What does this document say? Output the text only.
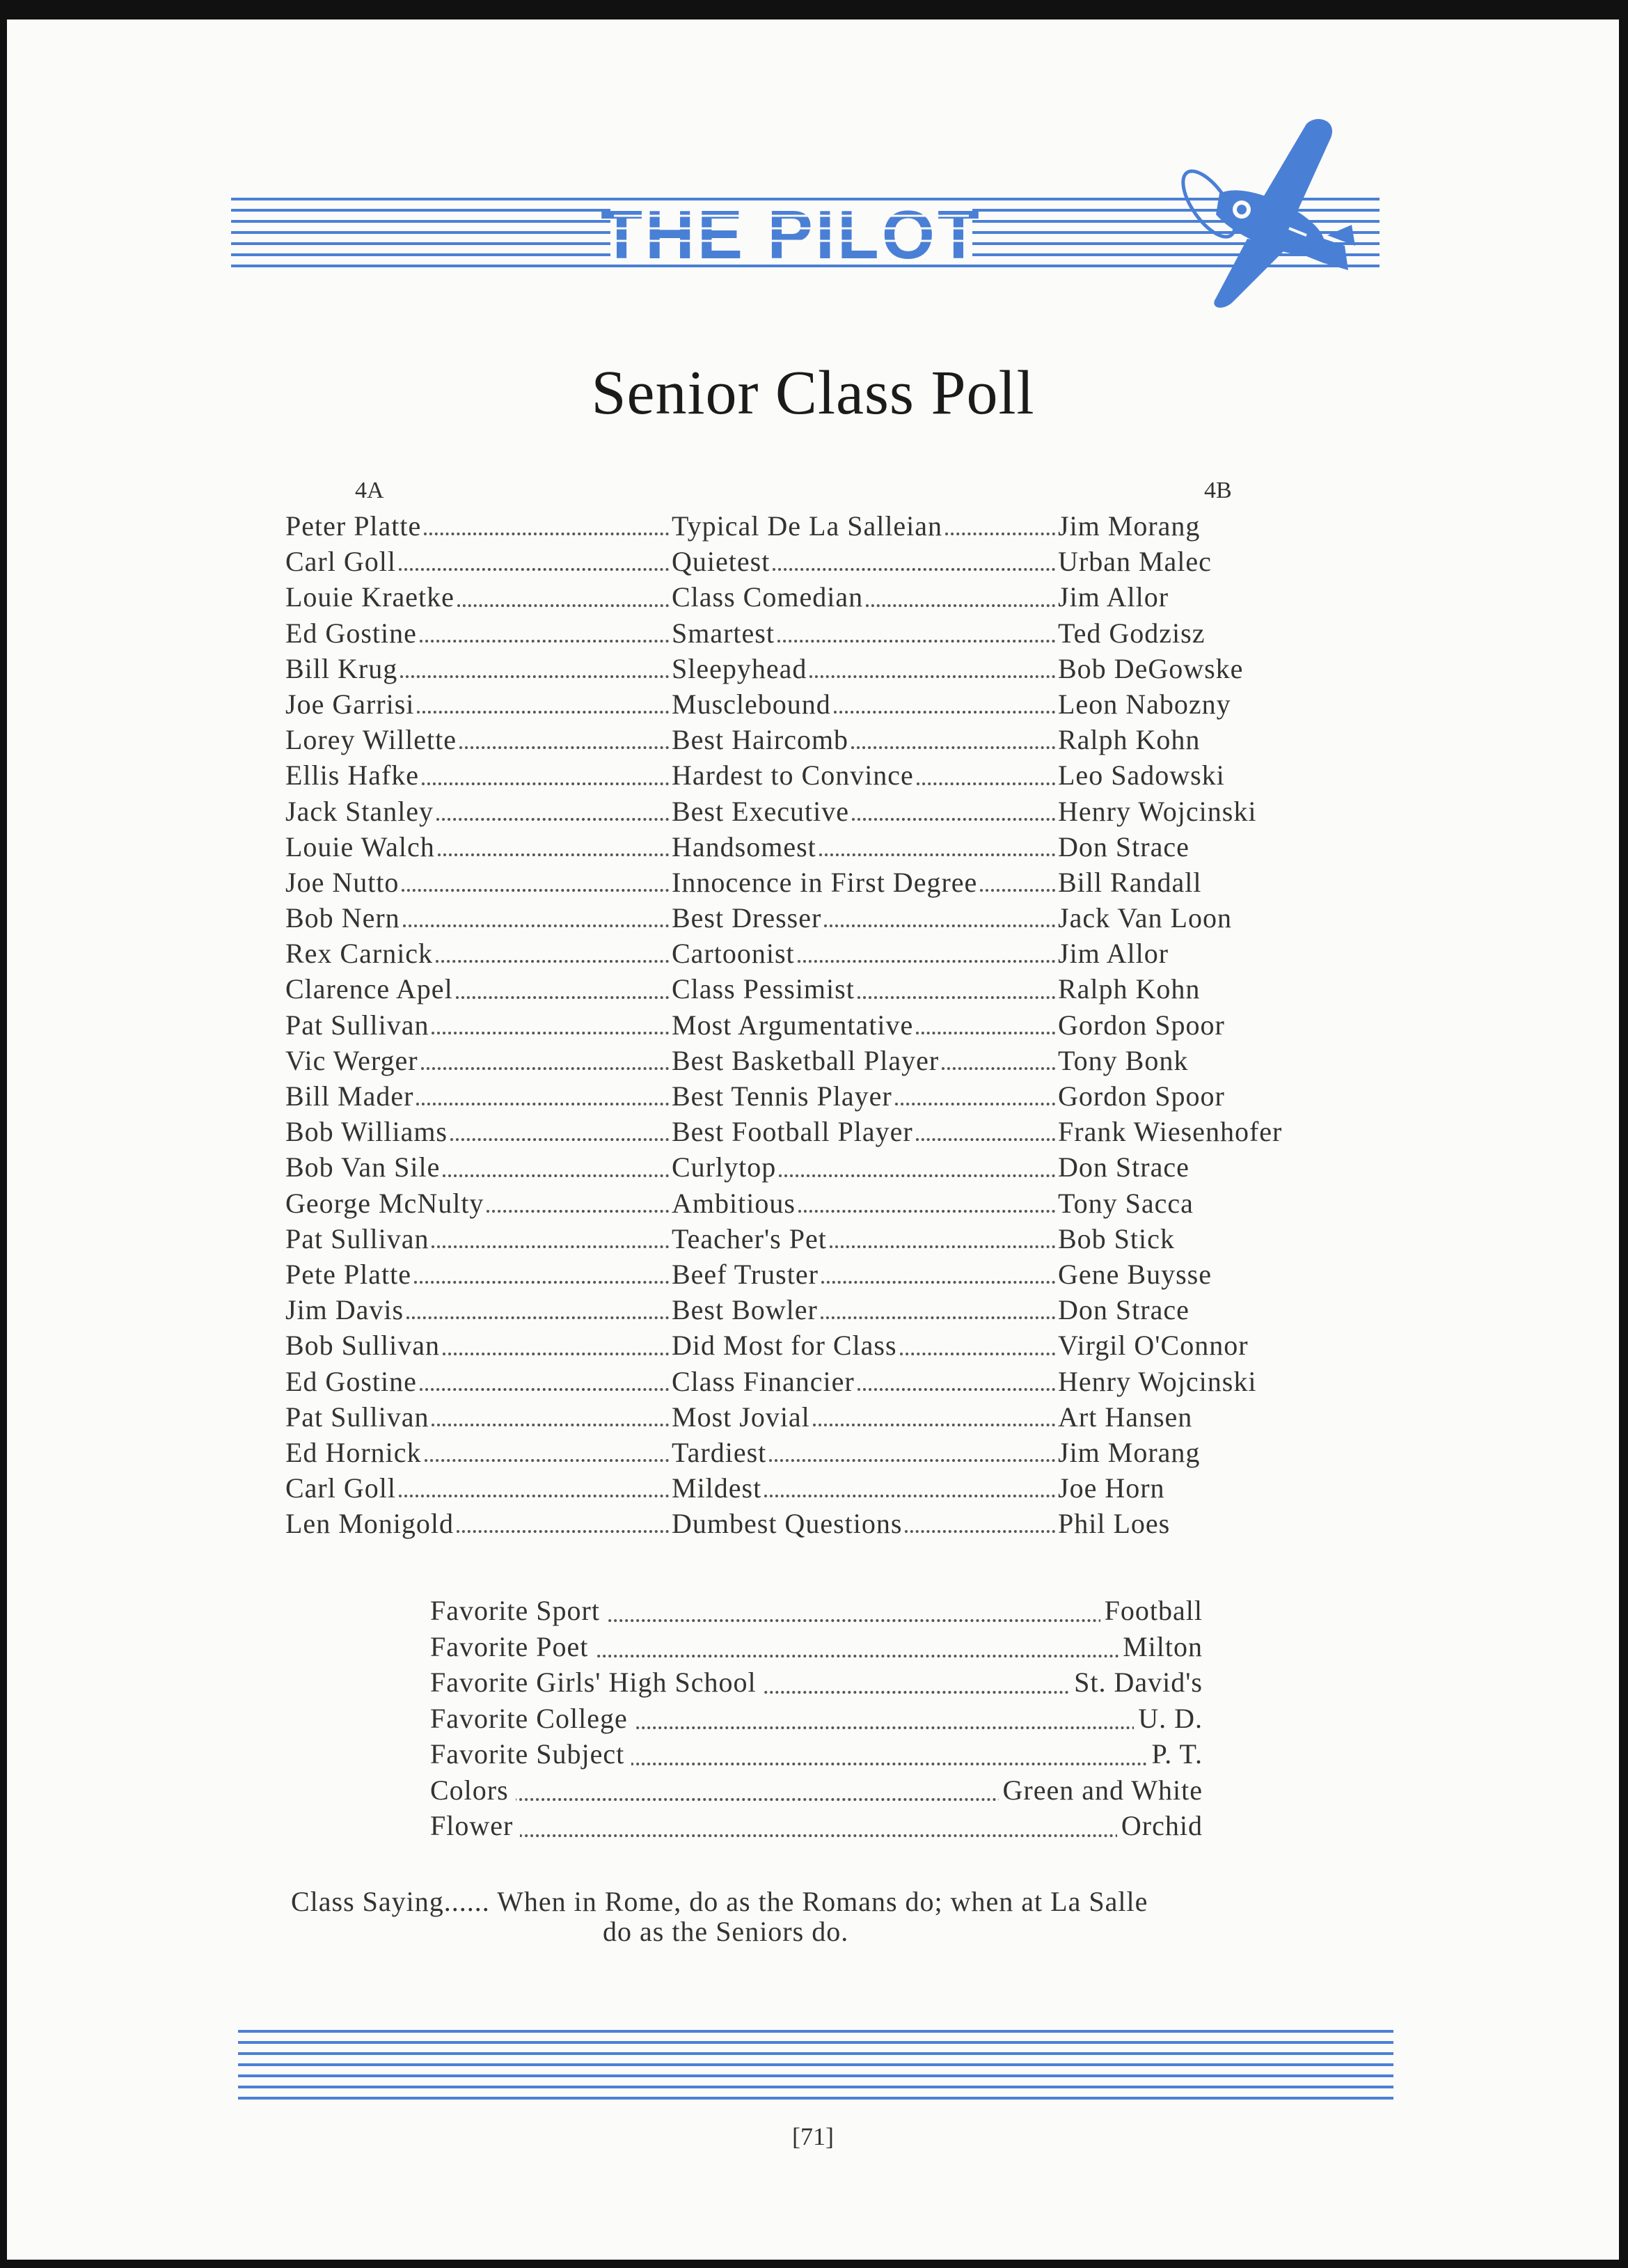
THE PILOT
Senior Class Poll
4A	4B
Peter Platte	Typical De La Salleian	Jim Morang
Carl Goll	Quietest	Urban Malec
Louie Kraetke	Class Comedian	Jim Allor
Ed Gostine	Smartest	Ted Godzisz
Bill Krug	Sleepyhead	Bob DeGowske
Joe Garrisi	Musclebound	Leon Nabozny
Lorey Willette	Best Haircomb	Ralph Kohn
Ellis Hafke	Hardest to Convince	Leo Sadowski
Jack Stanley	Best Executive	Henry Wojcinski
Louie Walch	Handsomest	Don Strace
Joe Nutto	Innocence in First Degree	Bill Randall
Bob Nern	Best Dresser	Jack Van Loon
Rex Carnick	Cartoonist	Jim Allor
Clarence Apel	Class Pessimist	Ralph Kohn
Pat Sullivan	Most Argumentative	Gordon Spoor
Vic Werger	Best Basketball Player	Tony Bonk
Bill Mader	Best Tennis Player	Gordon Spoor
Bob Williams	Best Football Player	Frank Wiesenhofer
Bob Van Sile	Curlytop	Don Strace
George McNulty	Ambitious	Tony Sacca
Pat Sullivan	Teacher's Pet	Bob Stick
Pete Platte	Beef Truster	Gene Buysse
Jim Davis	Best Bowler	Don Strace
Bob Sullivan	Did Most for Class	Virgil O'Connor
Ed Gostine	Class Financier	Henry Wojcinski
Pat Sullivan	Most Jovial	Art Hansen
Ed Hornick	Tardiest	Jim Morang
Carl Goll	Mildest	Joe Horn
Len Monigold	Dumbest Questions	Phil Loes
Favorite Sport	Football
Favorite Poet	Milton
Favorite Girls' High School	St. David's
Favorite College	U. D.
Favorite Subject	P. T.
Colors	Green and White
Flower	Orchid
Class Saying...... When in Rome, do as the Romans do; when at La Salle
do as the Seniors do.
[71]
